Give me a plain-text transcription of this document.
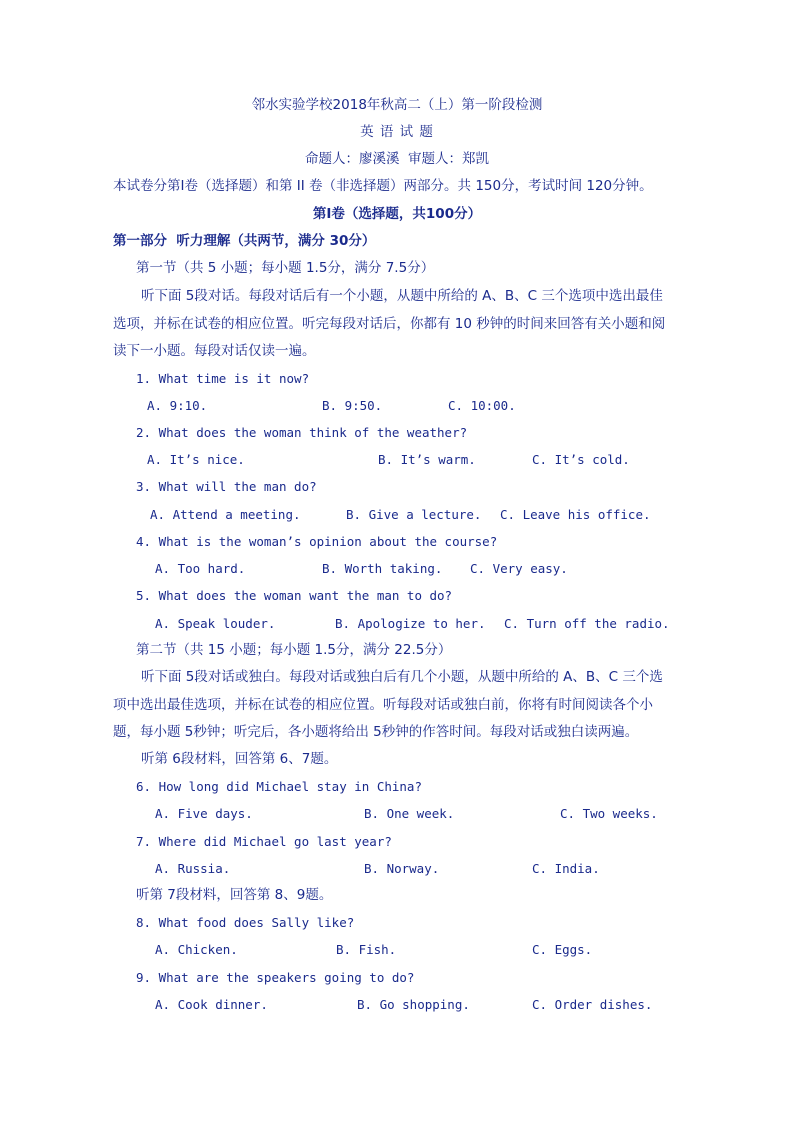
邻水实验学校2018年秋高二（上）第一阶段检测
英 语 试 题
命题人：廖溪溪  审题人：郑凯
本试卷分第Ⅰ卷（选择题）和第 II 卷（非选择题）两部分。共 150分，考试时间 120分钟。
第Ⅰ卷（选择题，共100分）
第一部分  听力理解（共两节，满分 30分）
第一节（共 5 小题；每小题 1.5分，满分 7.5分）
听下面 5段对话。每段对话后有一个小题，从题中所给的 A、B、C 三个选项中选出最佳
选项，并标在试卷的相应位置。听完每段对话后，你都有 10 秒钟的时间来回答有关小题和阅
读下一小题。每段对话仅读一遍。
1. What time is it now?
A. 9:10.	B. 9:50.	C. 10:00.
2. What does the woman think of the weather?
A. It’s nice.	B. It’s warm.	C. It’s cold.
3. What will the man do?
A. Attend a meeting.	B. Give a lecture. C. Leave his office.
4. What is the woman’s opinion about the course?
A. Too hard.	B. Worth taking. C. Very easy.
5. What does the woman want the man to do?
A. Speak louder.	B. Apologize to her. C. Turn off the radio.
第二节（共 15 小题；每小题 1.5分，满分 22.5分）
听下面 5段对话或独白。每段对话或独白后有几个小题，从题中所给的 A、B、C 三个选
项中选出最佳选项，并标在试卷的相应位置。听每段对话或独白前，你将有时间阅读各个小
题，每小题 5秒钟；听完后，各小题将给出 5秒钟的作答时间。每段对话或独白读两遍。
听第 6段材料，回答第 6、7题。
6. How long did Michael stay in China?
A. Five days.	B. One week.	C. Two weeks.
7. Where did Michael go last year?
A. Russia.	B. Norway.	C. India.
听第 7段材料，回答第 8、9题。
8. What food does Sally like?
A. Chicken.	B. Fish.	C. Eggs.
9. What are the speakers going to do?
A. Cook dinner.	B. Go shopping.	C. Order dishes.
